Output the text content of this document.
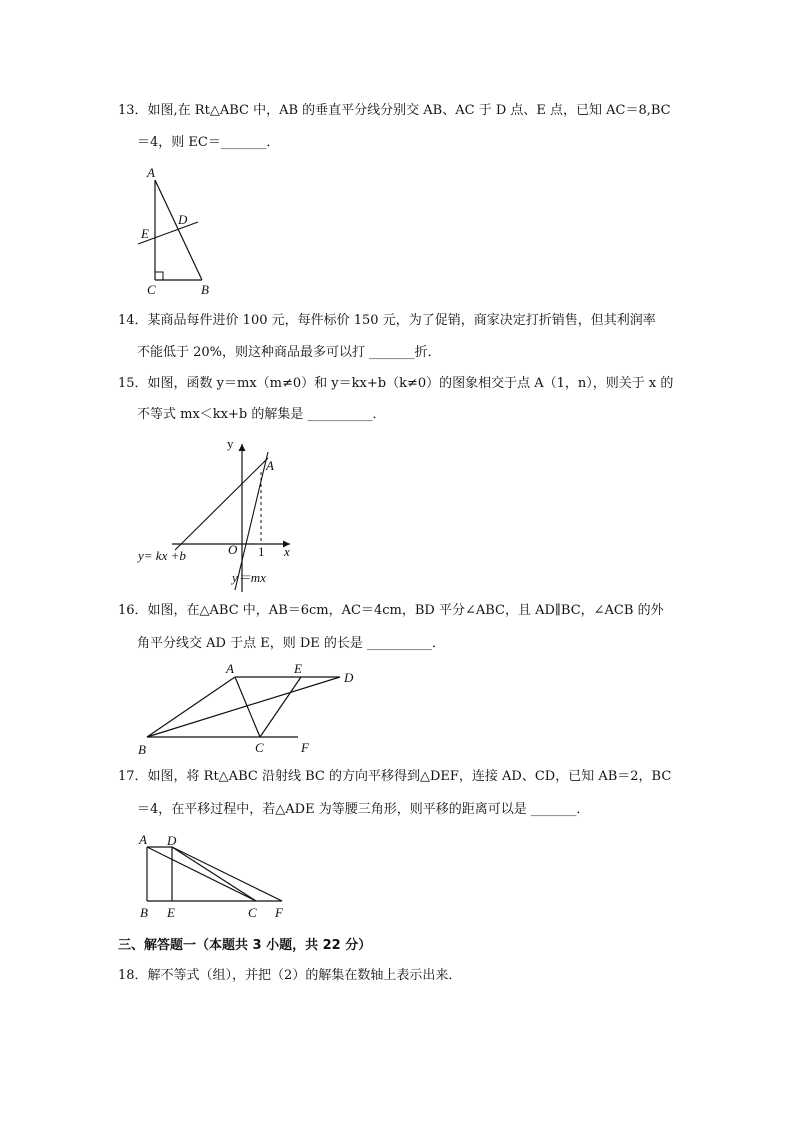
13．如图,在 Rt△ABC 中，AB 的垂直平分线分别交 AB、AC 于 D 点、E 点，已知 AC＝8,BC
＝4，则 EC＝_______．
A
C	B
D
E
14．某商品每件进价 100 元，每件标价 150 元，为了促销，商家决定打折销售，但其利润率
不能低于 20%，则这种商品最多可以打 _______折．
15．如图，函数 y＝mx（m≠0）和 y＝kx+b（k≠0）的图象相交于点 A（1，n），则关于 x 的
不等式 mx＜kx+b 的解集是 __________．
y
x
O 1
A
y= kx +b
y＝mx
16．如图，在△ABC 中，AB＝6cm，AC＝4cm，BD 平分∠ABC，且 AD∥BC，∠ACB 的外
角平分线交 AD 于点 E，则 DE 的长是 __________．
A	E
D
B	C	F
17．如图，将 Rt△ABC 沿射线 BC 的方向平移得到△DEF，连接 AD、CD，已知 AB＝2，BC
＝4，在平移过程中，若△ADE 为等腰三角形，则平移的距离可以是 _______．
A D
B E	C F
三、解答题一（本题共 3 小题，共 22 分）
18．解不等式（组），并把（2）的解集在数轴上表示出来．
